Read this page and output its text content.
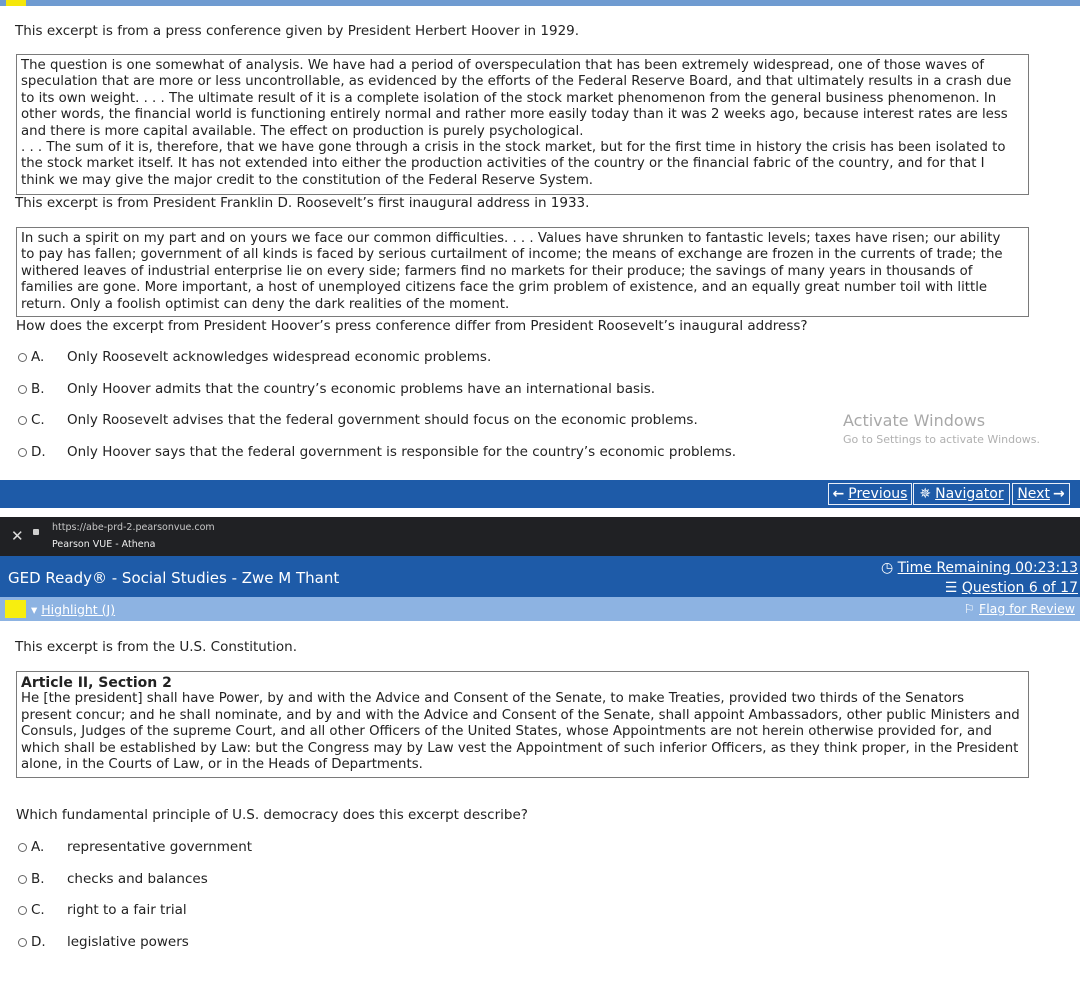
This excerpt is from a press conference given by President Herbert Hoover in 1929.

The question is one somewhat of analysis. We have had a period of overspeculation that has been extremely widespread, one of those waves of

speculation that are more or less uncontrollable, as evidenced by the efforts of the Federal Reserve Board, and that ultimately results in a crash due

to its own weight. . . . The ultimate result of it is a complete isolation of the stock market phenomenon from the general business phenomenon. In

other words, the financial world is functioning entirely normal and rather more easily today than it was 2 weeks ago, because interest rates are less

and there is more capital available. The effect on production is purely psychological.

. . . The sum of it is, therefore, that we have gone through a crisis in the stock market, but for the first time in history the crisis has been isolated to

the stock market itself. It has not extended into either the production activities of the country or the financial fabric of the country, and for that I

think we may give the major credit to the constitution of the Federal Reserve System.

This excerpt is from President Franklin D. Roosevelt’s first inaugural address in 1933.

In such a spirit on my part and on yours we face our common difficulties. . . . Values have shrunken to fantastic levels; taxes have risen; our ability

to pay has fallen; government of all kinds is faced by serious curtailment of income; the means of exchange are frozen in the currents of trade; the

withered leaves of industrial enterprise lie on every side; farmers find no markets for their produce; the savings of many years in thousands of

families are gone. More important, a host of unemployed citizens face the grim problem of existence, and an equally great number toil with little

return. Only a foolish optimist can deny the dark realities of the moment.

How does the excerpt from President Hoover’s press conference differ from President Roosevelt’s inaugural address?
A.	Only Roosevelt acknowledges widespread economic problems.
B.	Only Hoover admits that the country’s economic problems have an international basis.
C.	Only Roosevelt advises that the federal government should focus on the economic problems.
D.	Only Hoover says that the federal government is responsible for the country’s economic problems.
Activate Windows
Go to Settings to activate Windows.
← Previous ✵ Navigator Next →
✕	https://abe-prd-2.pearsonvue.com
Pearson VUE - Athena
GED Ready® - Social Studies - Zwe M Thant
◷ Time Remaining 00:23:13
☰ Question 6 of 17
▾ Highlight (J)	⚐ Flag for Review
This excerpt is from the U.S. Constitution.

Article II, Section 2

He [the president] shall have Power, by and with the Advice and Consent of the Senate, to make Treaties, provided two thirds of the Senators

present concur; and he shall nominate, and by and with the Advice and Consent of the Senate, shall appoint Ambassadors, other public Ministers and

Consuls, Judges of the supreme Court, and all other Officers of the United States, whose Appointments are not herein otherwise provided for, and

which shall be established by Law: but the Congress may by Law vest the Appointment of such inferior Officers, as they think proper, in the President

alone, in the Courts of Law, or in the Heads of Departments.

Which fundamental principle of U.S. democracy does this excerpt describe?
A.	representative government
B.	checks and balances
C.	right to a fair trial
D.	legislative powers
